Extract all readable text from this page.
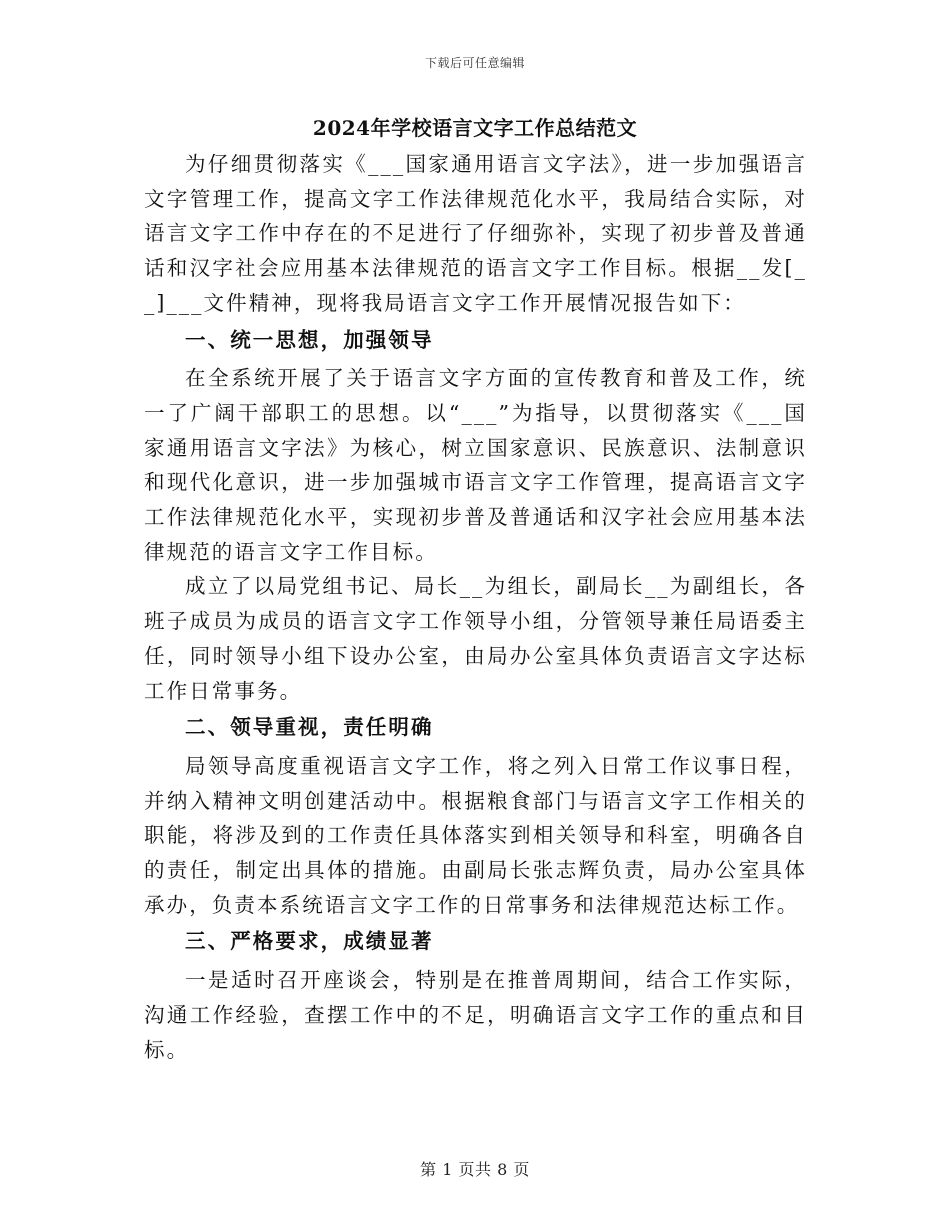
下载后可任意编辑
2024年学校语言文字工作总结范文

为仔细贯彻落实《___国家通用语言文字法》，进一步加强语言文字管理工作，提高文字工作法律规范化水平，我局结合实际，对语言文字工作中存在的不足进行了仔细弥补，实现了初步普及普通话和汉字社会应用基本法律规范的语言文字工作目标。根据__发[__]___文件精神，现将我局语言文字工作开展情况报告如下：

一、统一思想，加强领导

在全系统开展了关于语言文字方面的宣传教育和普及工作，统一了广阔干部职工的思想。以“___”为指导，以贯彻落实《___国家通用语言文字法》为核心，树立国家意识、民族意识、法制意识和现代化意识，进一步加强城市语言文字工作管理，提高语言文字工作法律规范化水平，实现初步普及普通话和汉字社会应用基本法律规范的语言文字工作目标。

成立了以局党组书记、局长__为组长，副局长__为副组长，各班子成员为成员的语言文字工作领导小组，分管领导兼任局语委主任，同时领导小组下设办公室，由局办公室具体负责语言文字达标工作日常事务。

二、领导重视，责任明确

局领导高度重视语言文字工作，将之列入日常工作议事日程，并纳入精神文明创建活动中。根据粮食部门与语言文字工作相关的职能，将涉及到的工作责任具体落实到相关领导和科室，明确各自的责任，制定出具体的措施。由副局长张志辉负责，局办公室具体承办，负责本系统语言文字工作的日常事务和法律规范达标工作。

三、严格要求，成绩显著

一是适时召开座谈会，特别是在推普周期间，结合工作实际，沟通工作经验，查摆工作中的不足，明确语言文字工作的重点和目标。

第 1 页共 8 页
